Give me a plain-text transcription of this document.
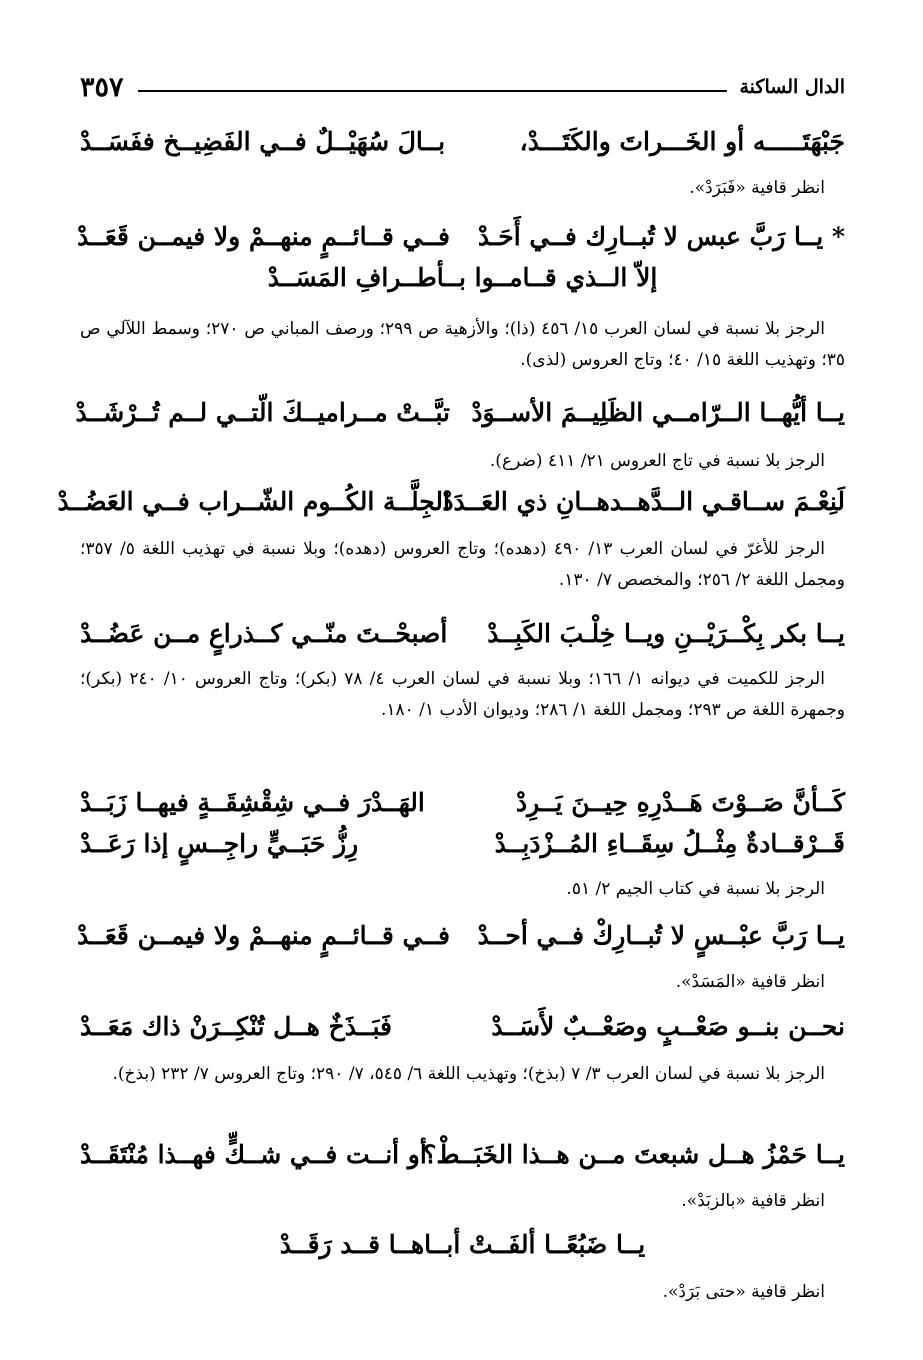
٣٥٧	الدال الساكنة
جَبْهَتَـــــه أو الخَـــراتَ والكَتَـــدْ،
بــالَ سُهَيْــلٌ فــي الفَضِيــخ ففَسَــدْ
انظر قافية «فَبَرَدْ».
* يــا رَبَّ عبس لا تُبــارِك فــي أَحَـدْ
فــي قــائــمٍ منهــمْ ولا فيمــن قَعَــدْ
إلاّ الــذي قــامــوا بــأطــرافِ المَسَــدْ
الرجز بلا نسبة في لسان العرب ١٥/ ٤٥٦ (ذا)؛ والأزهية ص ٢٩٩؛ ورصف المباني ص ٢٧٠؛ وسمط اللآلي ص ٣٥؛ وتهذيب اللغة ١٥/ ٤٠؛ وتاج العروس (لذى).
يــا أيُّهــا الــرّامــي الظَلِيــمَ الأســوَدْ
تبَّــتْ مــراميــكَ الّتــي لــم تُــرْشَــدْ
الرجز بلا نسبة في تاج العروس ٢١/ ٤١١ (ضرع).
لَنِعْـمَ ســاقـي الــدَّهــدهــانِ ذي العَــدَدْ
الجِلَّــة الكُــوم الشّــراب فــي العَضُــدْ
الرجز للأغرّ في لسان العرب ١٣/ ٤٩٠ (دهده)؛ وتاج العروس (دهده)؛ وبلا نسبة في تهذيب اللغة ٥/ ٣٥٧؛ ومجمل اللغة ٢/ ٢٥٦؛ والمخصص ٧/ ١٣٠.
يــا بكر بِكْــرَيْــنِ ويــا خِلْـبَ الكَبِــدْ
أصبحْــتَ منّــي كــذراعٍ مــن عَضُــدْ
الرجز للكميت في ديوانه ١/ ١٦٦؛ وبلا نسبة في لسان العرب ٤/ ٧٨ (بكر)؛ وتاج العروس ١٠/ ٢٤٠ (بكر)؛ وجمهرة اللغة ص ٢٩٣؛ ومجمل اللغة ١/ ٢٨٦؛ وديوان الأدب ١/ ١٨٠.
كَــأنَّ صَــوْتَ هَــدْرِهِ حِيــنَ يَــرِدْ
الهَــدْرَ فــي شِقْشِقَــةٍ فيهــا زَبَــدْ
قَــرْقــادةٌ مِثْــلُ سِقَــاءِ المُــزْدَبِــدْ
رِزُّ حَبَــيٍّ راجِــسٍ إذا رَعَــدْ
الرجز بلا نسبة في كتاب الجيم ٢/ ٥١.
يــا رَبَّ عبْــسٍ لا تُبــارِكْ فــي أحــدْ
فــي قــائــمٍ منهــمْ ولا فيمــن قَعَــدْ
انظر قافية «المَسَدْ».
نحــن بنــو صَعْــبٍ وصَعْــبٌ لأَسَــدْ
فَبَــذَخٌ هــل تُنْكِــرَنْ ذاك مَعَــدْ
الرجز بلا نسبة في لسان العرب ٣/ ٧ (بذخ)؛ وتهذيب اللغة ٦/ ٥٤٥، ٧/ ٢٩٠؛ وتاج العروس ٧/ ٢٣٢ (بذخ).
يــا حَمْزُ هــل شبعتَ مــن هــذا الخَبَــطْ؟
أو أنــت فــي شــكٍّ فهــذا مُنْتَقَــدْ
انظر قافية «بالزبَدْ».
يــا ضَبُعًــا ألفَــتْ أبــاهــا قــد رَقَــدْ
انظر قافية «حتى بَرَدْ».
